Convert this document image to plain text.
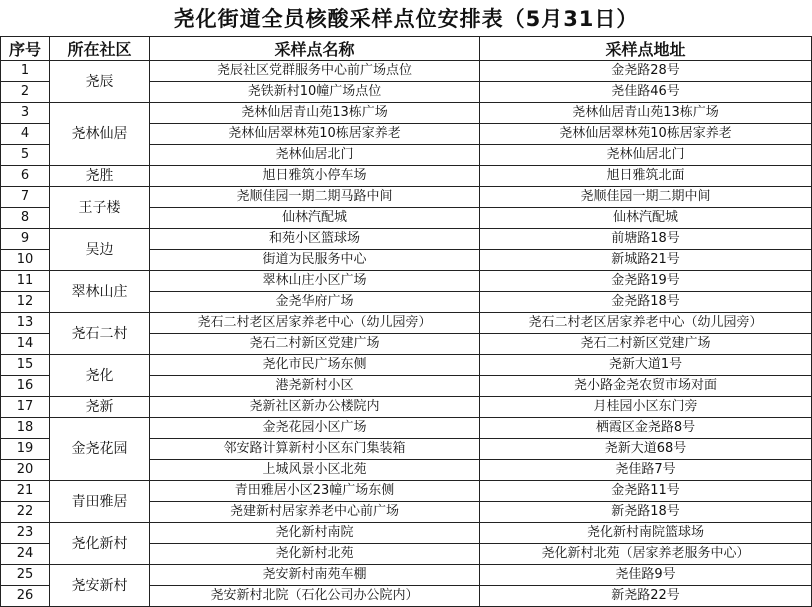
尧化街道全员核酸采样点位安排表（5月31日）
序号	所在社区	采样点名称	采样点地址
1	尧辰	尧辰社区党群服务中心前广场点位	金尧路28号
2		尧铁新村10幢广场点位	尧佳路46号
3	尧林仙居	尧林仙居青山苑13栋广场	尧林仙居青山苑13栋广场
4		尧林仙居翠林苑10栋居家养老	尧林仙居翠林苑10栋居家养老
5		尧林仙居北门	尧林仙居北门
6	尧胜	旭日雅筑小停车场	旭日雅筑北面
7	王子楼	尧顺佳园一期二期马路中间	尧顺佳园一期二期中间
8		仙林汽配城	仙林汽配城
9	吴边	和苑小区篮球场	前塘路18号
10		街道为民服务中心	新城路21号
11	翠林山庄	翠林山庄小区广场	金尧路19号
12		金尧华府广场	金尧路18号
13	尧石二村	尧石二村老区居家养老中心（幼儿园旁）	尧石二村老区居家养老中心（幼儿园旁）
14		尧石二村新区党建广场	尧石二村新区党建广场
15	尧化	尧化市民广场东侧	尧新大道1号
16		港尧新村小区	尧小路金尧农贸市场对面
17	尧新	尧新社区新办公楼院内	月桂园小区东门旁
18	金尧花园	金尧花园小区广场	栖霞区金尧路8号
19		邻安路计算新村小区东门集装箱	尧新大道68号
20		上城风景小区北苑	尧佳路7号
21	青田雅居	青田雅居小区23幢广场东侧	金尧路11号
22		尧建新村居家养老中心前广场	新尧路18号
23	尧化新村	尧化新村南院	尧化新村南院篮球场
24		尧化新村北苑	尧化新村北苑（居家养老服务中心）
25	尧安新村	尧安新村南苑车棚	尧佳路9号
26		尧安新村北院（石化公司办公院内）	新尧路22号
